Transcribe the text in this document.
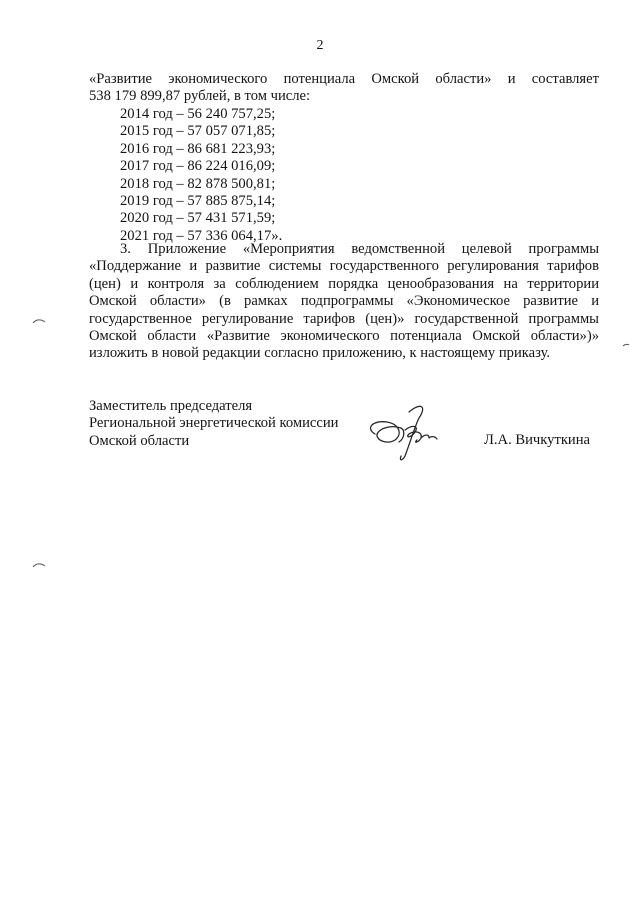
2
«Развитие экономического потенциала Омской области» и составляет
538 179 899,87 рублей, в том числе:
2014 год – 56 240 757,25;
2015 год – 57 057 071,85;
2016 год – 86 681 223,93;
2017 год – 86 224 016,09;
2018 год – 82 878 500,81;
2019 год – 57 885 875,14;
2020 год – 57 431 571,59;
2021 год – 57 336 064,17».
3. Приложение «Мероприятия ведомственной целевой программы
«Поддержание и развитие системы государственного регулирования тарифов
(цен) и контроля за соблюдением порядка ценообразования на территории
Омской области» (в рамках подпрограммы «Экономическое развитие и
государственное регулирование тарифов (цен)» государственной программы
Омской области «Развитие экономического потенциала Омской области»)»
изложить в новой редакции согласно приложению, к настоящему приказу.
Заместитель председателя
Региональной энергетической комиссии
Омской области	Л.А. Вичкуткина
